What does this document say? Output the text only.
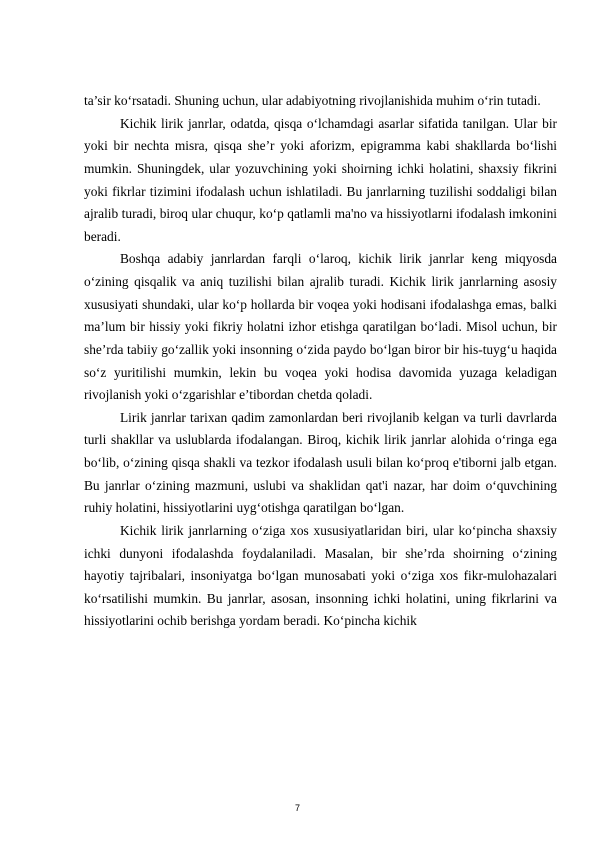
ta’sir ko‘rsatadi. Shuning uchun, ular adabiyotning rivojlanishida muhim o‘rin tutadi.

Kichik lirik janrlar, odatda, qisqa o‘lchamdagi asarlar sifatida tanilgan. Ular bir yoki bir nechta misra, qisqa she’r yoki aforizm, epigramma kabi shakllarda bo‘lishi mumkin. Shuningdek, ular yozuvchining yoki shoirning ichki holatini, shaxsiy fikrini yoki fikrlar tizimini ifodalash uchun ishlatiladi. Bu janrlarning tuzilishi soddaligi bilan ajralib turadi, biroq ular chuqur, ko‘p qatlamli ma'no va hissiyotlarni ifodalash imkonini beradi.

Boshqa adabiy janrlardan farqli o‘laroq, kichik lirik janrlar keng miqyosda o‘zining qisqalik va aniq tuzilishi bilan ajralib turadi. Kichik lirik janrlarning asosiy xususiyati shundaki, ular ko‘p hollarda bir voqea yoki hodisani ifodalashga emas, balki ma’lum bir hissiy yoki fikriy holatni izhor etishga qaratilgan bo‘ladi. Misol uchun, bir she’rda tabiiy go‘zallik yoki insonning o‘zida paydo bo‘lgan biror bir his-tuyg‘u haqida so‘z yuritilishi mumkin, lekin bu voqea yoki hodisa davomida yuzaga keladigan rivojlanish yoki o‘zgarishlar e’tibordan chetda qoladi.

Lirik janrlar tarixan qadim zamonlardan beri rivojlanib kelgan va turli davrlarda turli shakllar va uslublarda ifodalangan. Biroq, kichik lirik janrlar alohida o‘ringa ega bo‘lib, o‘zining qisqa shakli va tezkor ifodalash usuli bilan ko‘proq e'tiborni jalb etgan. Bu janrlar o‘zining mazmuni, uslubi va shaklidan qat'i nazar, har doim o‘quvchining ruhiy holatini, hissiyotlarini uyg‘otishga qaratilgan bo‘lgan.

Kichik lirik janrlarning o‘ziga xos xususiyatlaridan biri, ular ko‘pincha shaxsiy ichki dunyoni ifodalashda foydalaniladi. Masalan, bir she’rda shoirning o‘zining hayotiy tajribalari, insoniyatga bo‘lgan munosabati yoki o‘ziga xos fikr-mulohazalari ko‘rsatilishi mumkin. Bu janrlar, asosan, insonning ichki holatini, uning fikrlarini va hissiyotlarini ochib berishga yordam beradi. Ko‘pincha kichik

7
